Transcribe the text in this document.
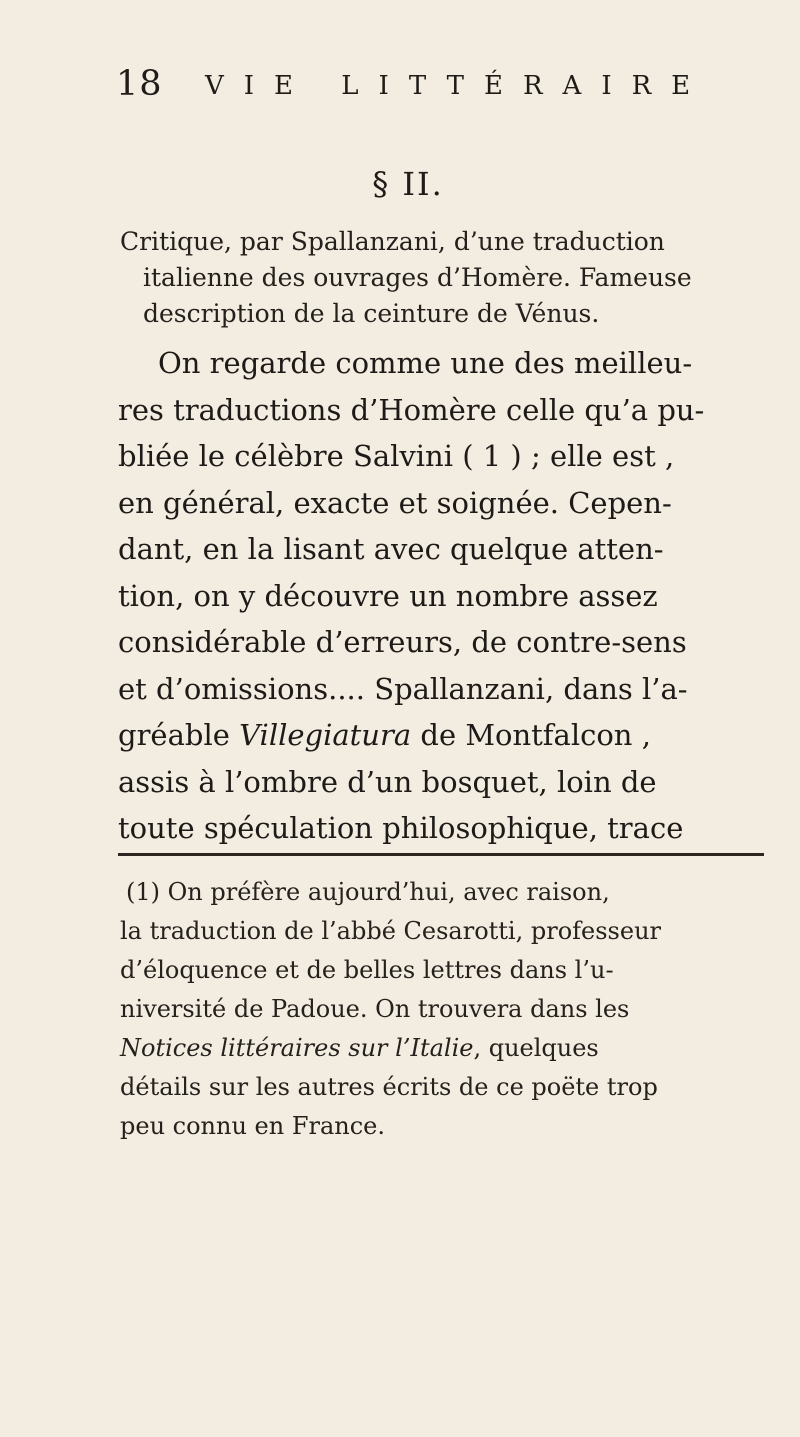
18 VIE LITTÉRAIRE
§ II.
Critique, par Spallanzani, d’une traduction
italienne des ouvrages d’Homère. Fameuse
description de la ceinture de Vénus.
On regarde comme une des meilleu-
res traductions d’Homère celle qu’a pu-
bliée le célèbre Salvini ( 1 ) ; elle est ,
en général, exacte et soignée. Cepen-
dant, en la lisant avec quelque atten-
tion, on y découvre un nombre assez
considérable d’erreurs, de contre-sens
et d’omissions.... Spallanzani, dans l’a-
gréable Villegiatura de Montfalcon ,
assis à l’ombre d’un bosquet, loin de
toute spéculation philosophique, trace
(1) On préfère aujourd’hui, avec raison,
la traduction de l’abbé Cesarotti, professeur
d’éloquence et de belles lettres dans l’u-
niversité de Padoue. On trouvera dans les
Notices littéraires sur l’Italie, quelques
détails sur les autres écrits de ce poëte trop
peu connu en France.
